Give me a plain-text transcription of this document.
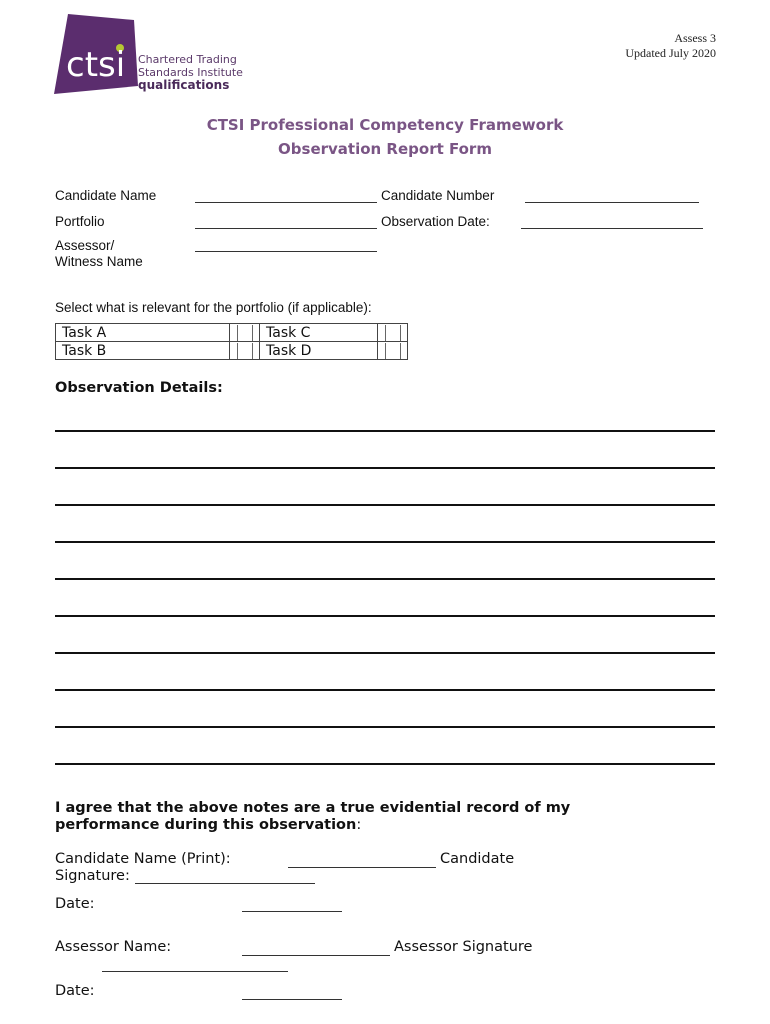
ctsi Chartered Trading
Standards Institute
qualifications
Assess 3
Updated July 2020
CTSI Professional Competency Framework
Observation Report Form
Candidate Name	Candidate Number
Portfolio	Observation Date:
Assessor/
Witness Name
Select what is relevant for the portfolio (if applicable):
Task A		Task C	

Task B		Task D	
Observation Details:
I agree that the above notes are a true evidential record of my performance during this observation:
Candidate Name (Print):	Candidate
Signature:
Date:
Assessor Name:	Assessor Signature
Date:
